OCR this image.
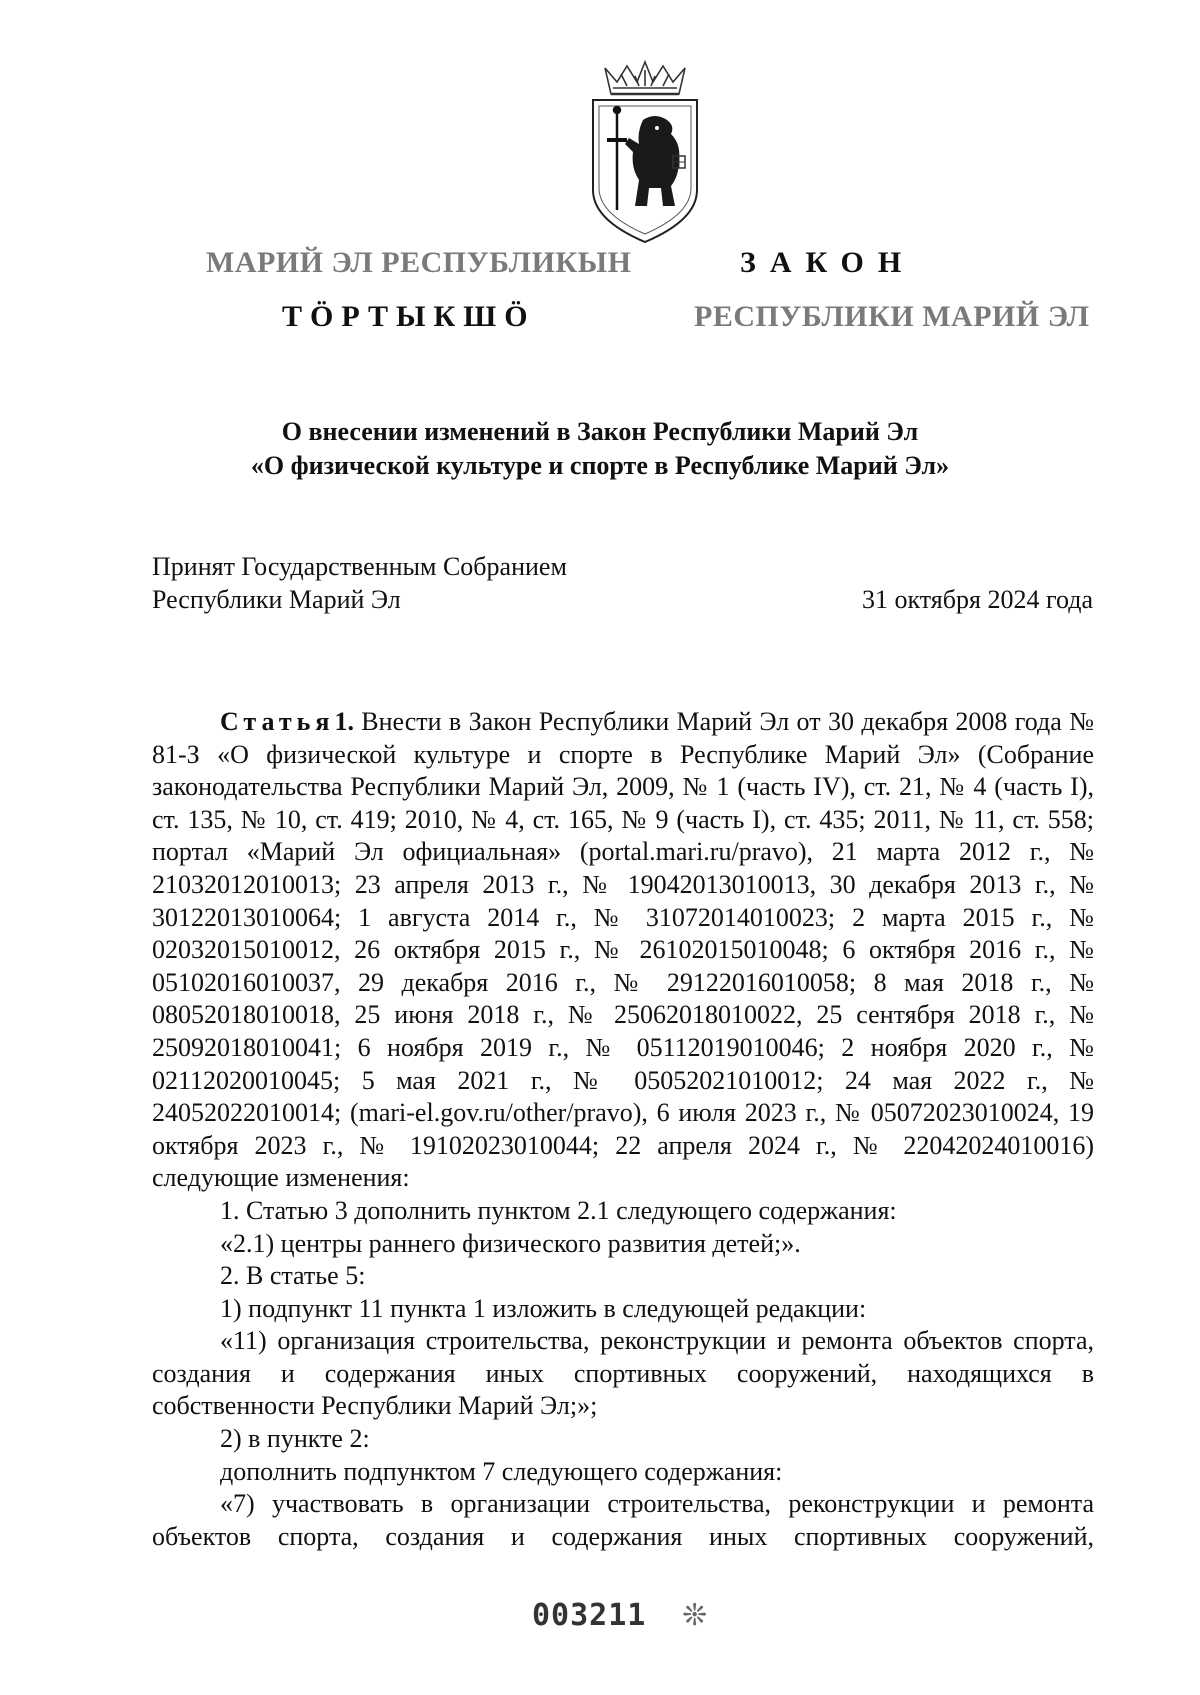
МАРИЙ ЭЛ РЕСПУБЛИКЫН
ТӦРТЫКШӦ
ЗАКОН
РЕСПУБЛИКИ МАРИЙ ЭЛ
О внесении изменений в Закон Республики Марий Эл
«О физической культуре и спорте в Республике Марий Эл»
Принят Государственным Собранием
Республики Марий Эл	31 октября 2024 года

Статья1. Внести в Закон Республики Марий Эл от 30 декабря 2008 года № 81-З «О физической культуре и спорте в Республике Марий Эл» (Собрание законодательства Республики Марий Эл, 2009, № 1 (часть IV), ст. 21, № 4 (часть I), ст. 135, № 10, ст. 419; 2010, № 4, ст. 165, № 9 (часть I), ст. 435; 2011, № 11, ст. 558; портал «Марий Эл официальная» (portal.mari.ru/pravo), 21 марта 2012 г., № 21032012010013; 23 апреля 2013 г., № 19042013010013, 30 декабря 2013 г., № 30122013010064; 1 августа 2014 г., № 31072014010023; 2 марта 2015 г., № 02032015010012, 26 октября 2015 г., № 26102015010048; 6 октября 2016 г., № 05102016010037, 29 декабря 2016 г., № 29122016010058; 8 мая 2018 г., № 08052018010018, 25 июня 2018 г., № 25062018010022, 25 сентября 2018 г., № 25092018010041; 6 ноября 2019 г., № 05112019010046; 2 ноября 2020 г., № 02112020010045; 5 мая 2021 г., № 05052021010012; 24 мая 2022 г., № 24052022010014; (mari-el.gov.ru/other/pravo), 6 июля 2023 г., № 05072023010024, 19 октября 2023 г., № 19102023010044; 22 апреля 2024 г., № 22042024010016) следующие изменения:

1. Статью 3 дополнить пунктом 2.1 следующего содержания:

«2.1) центры раннего физического развития детей;».

2. В статье 5:

1) подпункт 11 пункта 1 изложить в следующей редакции:

«11) организация строительства, реконструкции и ремонта объектов спорта, создания и содержания иных спортивных сооружений, находящихся в собственности Республики Марий Эл;»;

2) в пункте 2:

дополнить подпунктом 7 следующего содержания:

«7) участвовать в организации строительства, реконструкции и ремонта объектов спорта, создания и содержания иных спортивных сооружений,

003211 ❊
